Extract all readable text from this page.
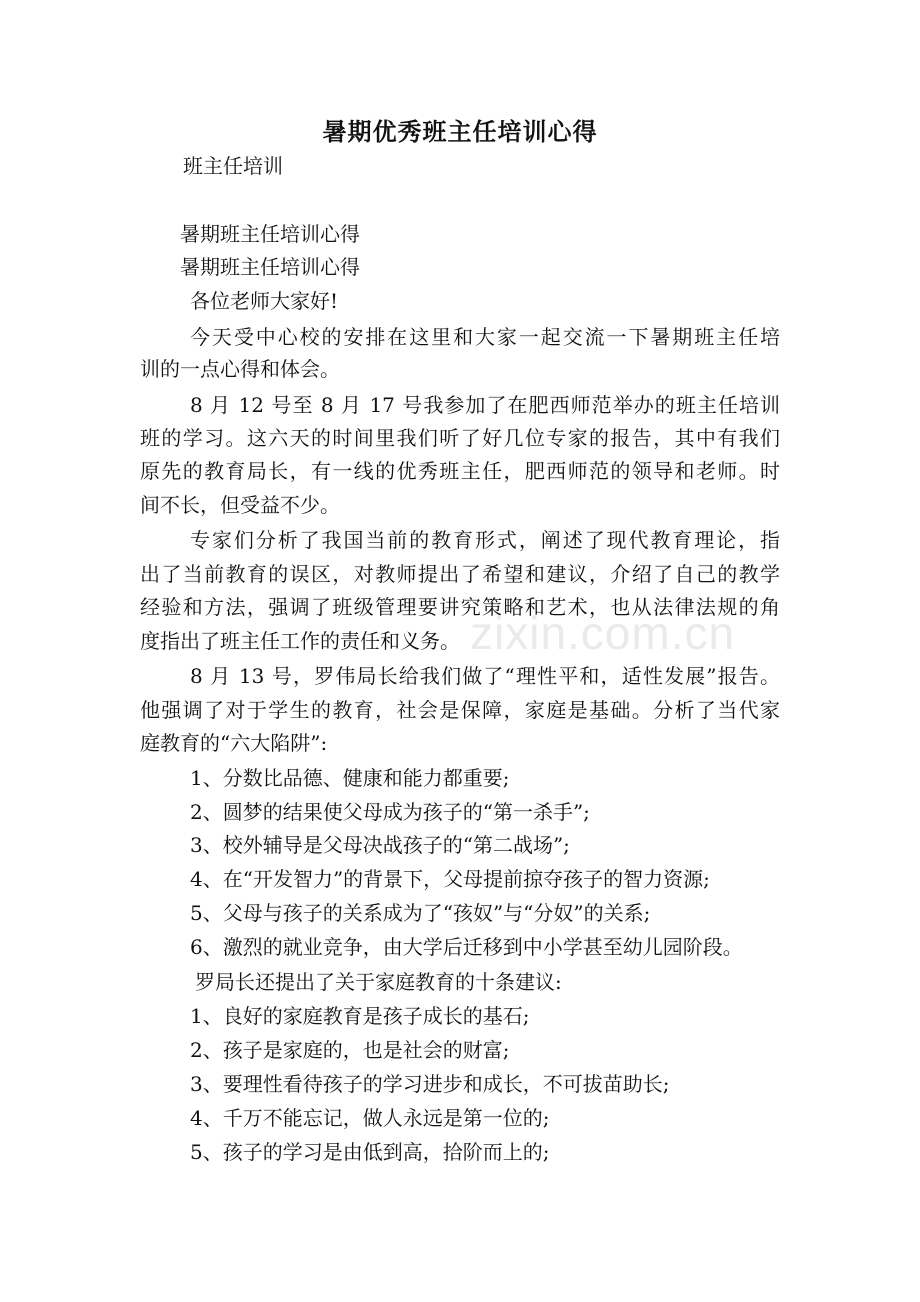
暑期优秀班主任培训心得
班主任培训
暑期班主任培训心得
暑期班主任培训心得
各位老师大家好!
今天受中心校的安排在这里和大家一起交流一下暑期班主任培
训的一点心得和体会。
8 月 12 号至 8 月 17 号我参加了在肥西师范举办的班主任培训
班的学习。这六天的时间里我们听了好几位专家的报告，其中有我们
原先的教育局长，有一线的优秀班主任，肥西师范的领导和老师。时
间不长，但受益不少。
专家们分析了我国当前的教育形式，阐述了现代教育理论，指
出了当前教育的误区，对教师提出了希望和建议，介绍了自己的教学
经验和方法，强调了班级管理要讲究策略和艺术，也从法律法规的角
度指出了班主任工作的责任和义务。
8 月 13 号，罗伟局长给我们做了“理性平和，适性发展”报告。
他强调了对于学生的教育，社会是保障，家庭是基础。分析了当代家
庭教育的“六大陷阱”:
1、分数比品德、健康和能力都重要;
2、圆梦的结果使父母成为孩子的“第一杀手”;
3、校外辅导是父母决战孩子的“第二战场”;
4、在“开发智力”的背景下，父母提前掠夺孩子的智力资源;
5、父母与孩子的关系成为了“孩奴”与“分奴”的关系;
6、激烈的就业竞争，由大学后迁移到中小学甚至幼儿园阶段。
罗局长还提出了关于家庭教育的十条建议:
1、良好的家庭教育是孩子成长的基石;
2、孩子是家庭的，也是社会的财富;
3、要理性看待孩子的学习进步和成长，不可拔苗助长;
4、千万不能忘记，做人永远是第一位的;
5、孩子的学习是由低到高，拾阶而上的;
zixin.com.cn
